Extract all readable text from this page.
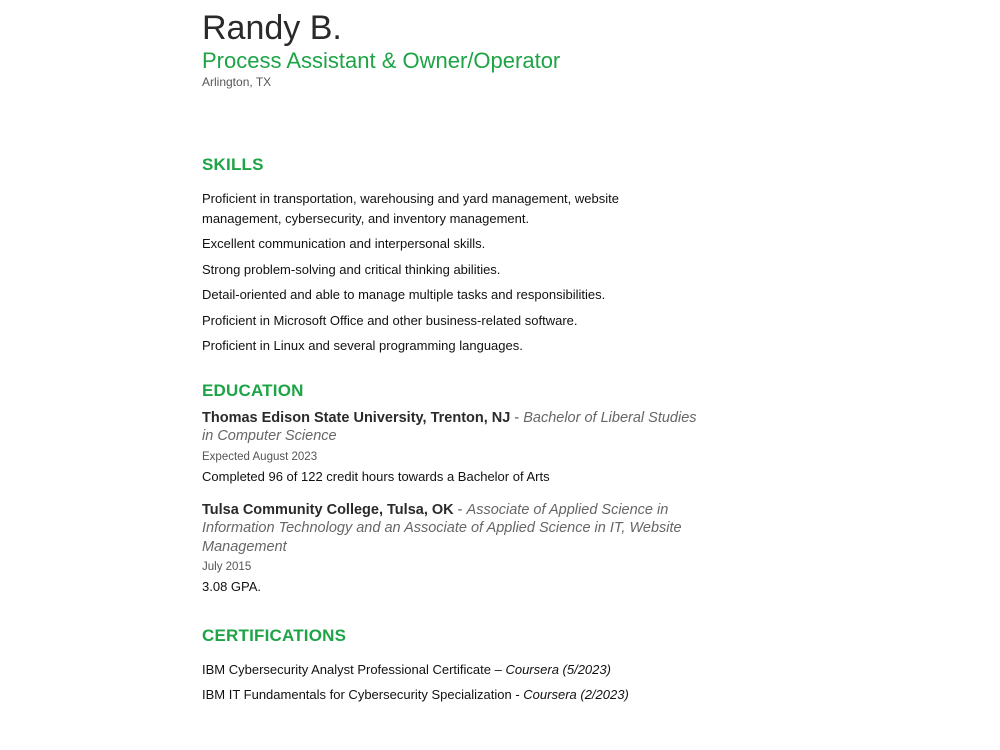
Randy B.
Process Assistant & Owner/Operator
Arlington, TX
SKILLS

Proficient in transportation, warehousing and yard management, website management, cybersecurity, and inventory management.

Excellent communication and interpersonal skills.

Strong problem-solving and critical thinking abilities.

Detail-oriented and able to manage multiple tasks and responsibilities.

Proficient in Microsoft Office and other business-related software.

Proficient in Linux and several programming languages.

EDUCATION

Thomas Edison State University, Trenton, NJ - Bachelor of Liberal Studies in Computer Science

Expected August 2023

Completed 96 of 122 credit hours towards a Bachelor of Arts

Tulsa Community College, Tulsa, OK - Associate of Applied Science in Information Technology and an Associate of Applied Science in IT, Website Management

July 2015

3.08 GPA.

CERTIFICATIONS

IBM Cybersecurity Analyst Professional Certificate – Coursera (5/2023)

IBM IT Fundamentals for Cybersecurity Specialization - Coursera (2/2023)
